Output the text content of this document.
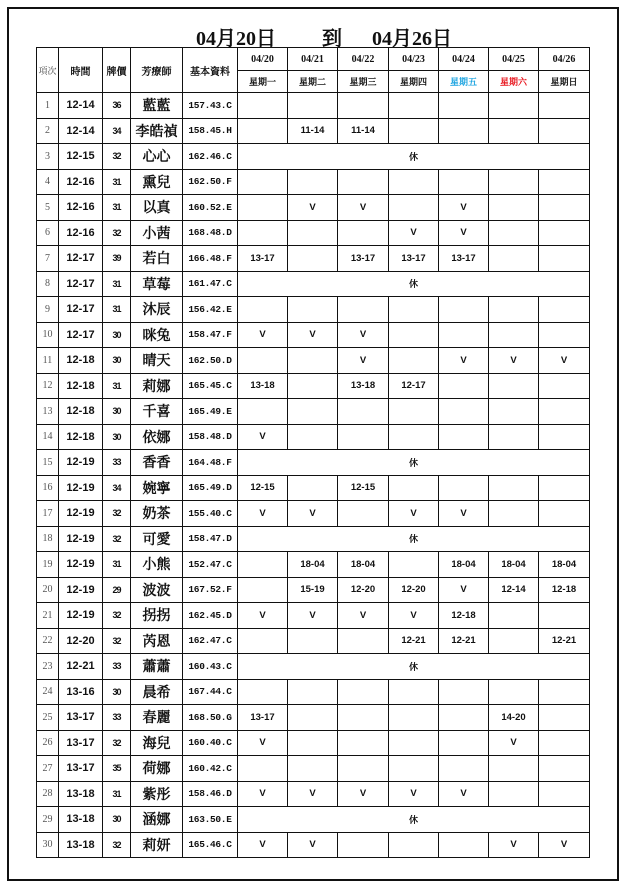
04月20日 到 04月26日
項次	時間	牌價	芳療師	基本資料	04/20	04/21	04/22	04/23	04/24	04/25	04/26
					星期一	星期二	星期三	星期四	星期五	星期六	星期日
1	12-14	36	藍藍	157.43.C							
2	12-14	34	李皓禎	158.45.H		11-14	11-14				
3	12-15	32	心心	162.46.C	休						
4	12-16	31	熏兒	162.50.F							
5	12-16	31	以真	160.52.E		V	V		V		
6	12-16	32	小茜	168.48.D				V	V		
7	12-17	39	若白	166.48.F	13-17		13-17	13-17	13-17		
8	12-17	31	草莓	161.47.C	休						
9	12-17	31	沐辰	156.42.E							
10	12-17	30	咪兔	158.47.F	V	V	V				
11	12-18	30	晴天	162.50.D			V		V	V	V
12	12-18	31	莉娜	165.45.C	13-18		13-18	12-17			
13	12-18	30	千喜	165.49.E							
14	12-18	30	依娜	158.48.D	V						
15	12-19	33	香香	164.48.F	休						
16	12-19	34	婉寧	165.49.D	12-15		12-15				
17	12-19	32	奶茶	155.40.C	V	V		V	V		
18	12-19	32	可愛	158.47.D	休						
19	12-19	31	小熊	152.47.C		18-04	18-04		18-04	18-04	18-04
20	12-19	29	波波	167.52.F		15-19	12-20	12-20	V	12-14	12-18
21	12-19	32	拐拐	162.45.D	V	V	V	V	12-18		
22	12-20	32	芮恩	162.47.C				12-21	12-21		12-21
23	12-21	33	蕭蕭	160.43.C	休						
24	13-16	30	晨希	167.44.C							
25	13-17	33	春麗	168.50.G	13-17					14-20	
26	13-17	32	海兒	160.40.C	V					V	
27	13-17	35	荷娜	160.42.C							
28	13-18	31	紫彤	158.46.D	V	V	V	V	V		
29	13-18	30	涵娜	163.50.E	休						
30	13-18	32	莉妍	165.46.C	V	V				V	V
